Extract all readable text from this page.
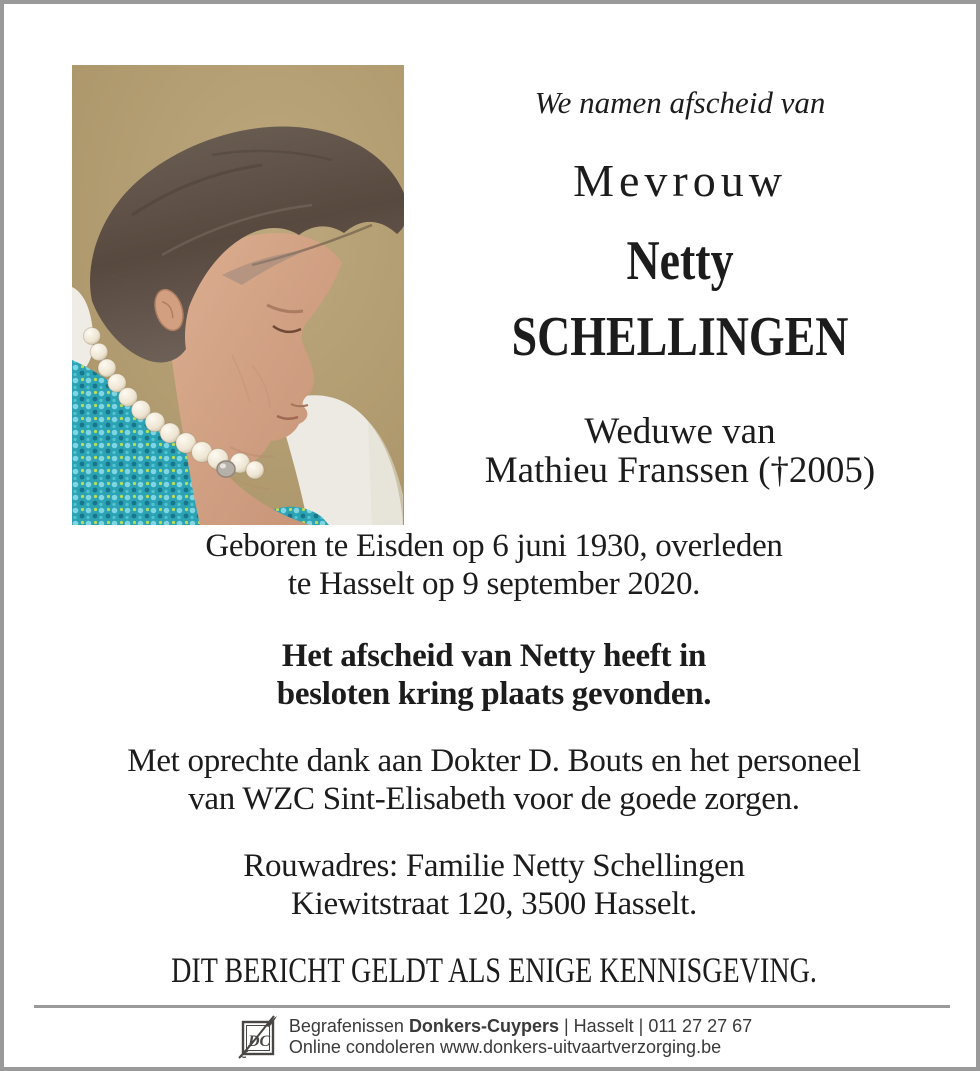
We namen afscheid van
Mevrouw
Netty
SCHELLINGEN
Weduwe van
Mathieu Franssen (†2005)
Geboren te Eisden op 6 juni 1930, overleden
te Hasselt op 9 september 2020.
Het afscheid van Netty heeft in
besloten kring plaats gevonden.
Met oprechte dank aan Dokter D. Bouts en het personeel
van WZC Sint-Elisabeth voor de goede zorgen.
Rouwadres: Familie Netty Schellingen
Kiewitstraat 120, 3500 Hasselt.
DIT BERICHT GELDT ALS ENIGE KENNISGEVING.
DC
Begrafenissen Donkers-Cuypers | Hasselt | 011 27 27 67
Online condoleren www.donkers-uitvaartverzorging.be
